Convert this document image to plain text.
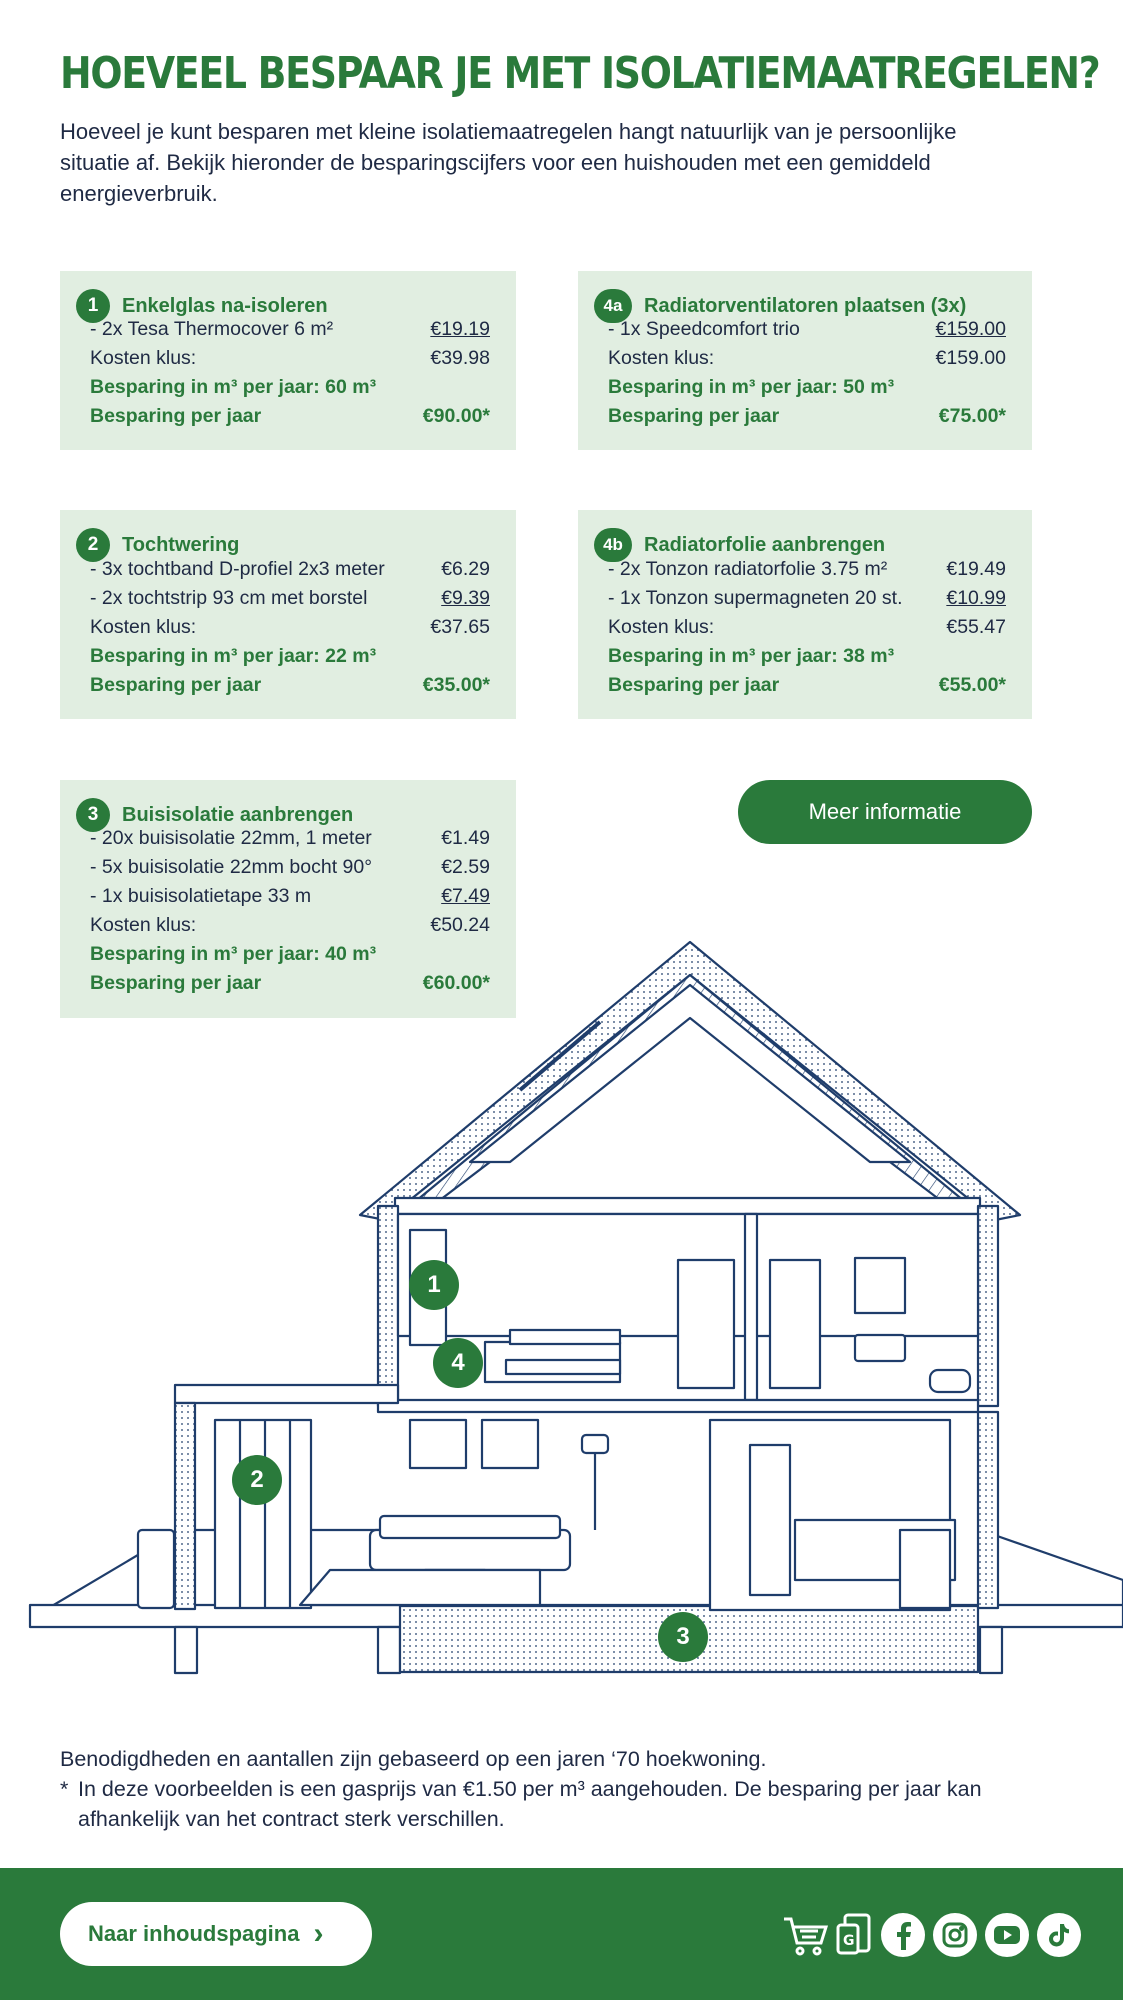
HOEVEEL BESPAAR JE MET ISOLATIEMAATREGELEN?
Hoeveel je kunt besparen met kleine isolatiemaatregelen hangt natuurlijk van je persoonlijke situatie af. Bekijk hieronder de besparingscijfers voor een huishouden met een gemiddeld energieverbruik.
1	Enkelglas na-isoleren
- 2x Tesa Thermocover 6 m²	€19.19
Kosten klus:	€39.98
Besparing in m³ per jaar: 60 m³
Besparing per jaar	€90.00*
4a	Radiatorventilatoren plaatsen (3x)
- 1x Speedcomfort trio	€159.00
Kosten klus:	€159.00
Besparing in m³ per jaar: 50 m³
Besparing per jaar	€75.00*
2	Tochtwering
- 3x tochtband D-profiel 2x3 meter	€6.29
- 2x tochtstrip 93 cm met borstel	€9.39
Kosten klus:	€37.65
Besparing in m³ per jaar: 22 m³
Besparing per jaar	€35.00*
4b	Radiatorfolie aanbrengen
- 2x Tonzon radiatorfolie 3.75 m²	€19.49
- 1x Tonzon supermagneten 20 st. €10.99
Kosten klus:	€55.47
Besparing in m³ per jaar: 38 m³
Besparing per jaar	€55.00*
3	Buisisolatie aanbrengen
- 20x buisisolatie 22mm, 1 meter	€1.49
- 5x buisisolatie 22mm bocht 90°	€2.59
- 1x buisisolatietape 33 m	€7.49
Kosten klus:	€50.24
Besparing in m³ per jaar: 40 m³
Besparing per jaar	€60.00*
Meer informatie
1
4
2
3
Benodigdheden en aantallen zijn gebaseerd op een jaren ‘70 hoekwoning.
* In deze voorbeelden is een gasprijs van €1.50 per m³ aangehouden. De besparing per jaar kan afhankelijk van het contract sterk verschillen.
Naar inhoudspagina ›	G
